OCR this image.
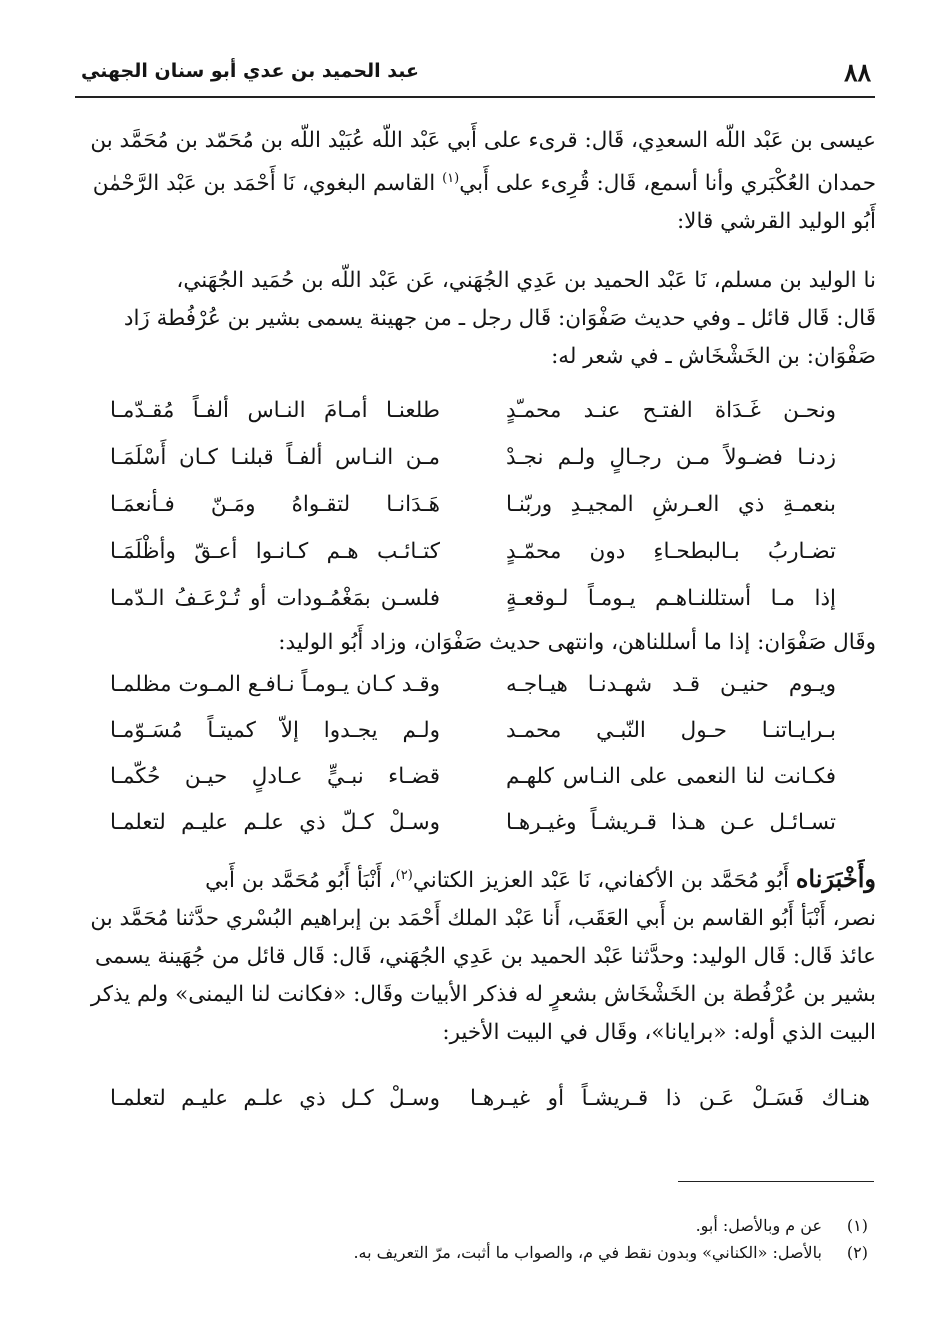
٨٨
عبد الحميد بن عدي أبو سنان الجهني
عيسى بن عَبْد اللّه السعدِي، قَال: قرىء على أَبي عَبْد اللّه عُبَيْد اللّه بن مُحَمّد بن مُحَمَّد بن
حمدان العُكْبَري وأنا أسمع، قَال: قُرِىء على أَبي$^{(١)}$ القاسم البغوي، نَا أَحْمَد بن عَبْد الرَّحْمٰن
أَبُو الوليد القرشي قالا:
نا الوليد بن مسلم، نَا عَبْد الحميد بن عَدِي الجُهَني، عَن عَبْد اللّه بن حُمَيد الجُهَني،
قَال: قَال قائل ـ وفي حديث صَفْوَان: قَال رجل ـ من جهينة يسمى بشير بن عُرْفُطة زَاد
صَفْوَان: بن الخَشْخَاش ـ في شعر له:
ونحـن غَـدَاة الفتـح عنـد محمـّدٍ
طلعنـا أمـامَ النـاس ألفـاً مُقـدّمـا
زدنـا فضـولاً مـن رجـالٍ ولـم نجـدْ
مـن النـاس ألفـاً قبلنـا كـان أَسْلَمَـا
بنعمـةِ ذي العـرشِ المجيـدِ وربّنـا
هَـدَانـا لتقـواهُ ومَـنّ فـأنعمَـا
تضـاربُ بـالبطحـاءِ دون محمّـدٍ
كتـائـب هـم كـانـوا أعـقّ وأظْلَمَـا
إذا مـا أستللنـاهـم يـومـاً لـوقعـةٍ
فلسـن بمَغْمُـودات أو تُـرْعَـفُ الـدّمـا
وقَال صَفْوَان: إذا ما أسللناهن، وانتهى حديث صَفْوَان، وزاد أَبُو الوليد:
ويـوم حنيـن قـد شهـدنـا هيـاجـه
وقـد كـان يـومـاً نـافـع المـوت مظلمـا
بـرايـاتنـا حـول النّبـي محمـد
ولـم يجـدوا إلاّ كميتـاً مُسَـوّمـا
فكـانت لنا النعمى على النـاس كلهـم
قضـاء نبـيٍّ عـادلٍ حيـن حُكّمـا
تسـائـل عـن هـذا قـريشـاً وغيـرهـا
وسـلْ كـلّ ذي علـم عليـم لتعلمـا
وأَخْبَرَناه أَبُو مُحَمَّد بن الأكفاني، نَا عَبْد العزيز الكتاني$^{(٢)}$، أَنْبَأ أَبُو مُحَمَّد بن أَبي
نصر، أَنْبَأ أَبُو القاسم بن أَبي العَقَب، أَنا عَبْد الملك أَحْمَد بن إبراهيم البُسْري حدَّثنا مُحَمَّد بن
عائذ قَال: قَال الوليد: وحدَّثنا عَبْد الحميد بن عَدِي الجُهَني، قَال: قَال قائل من جُهَينة يسمى
بشير بن عُرْفُطة بن الخَشْخَاش بشعرٍ له فذكر الأبيات وقَال: «فكانت لنا اليمنى» ولم يذكر
البيت الذي أوله: «برايانا»، وقَال في البيت الأخير:
هنـاك فَسَـلْ عَـن ذا قـريشـاً أو غيـرهـا
وسـلْ كـل ذي علـم عليـم لتعلمـا
(١)
عن م وبالأصل: أبو.
(٢)
بالأصل: «الكناني» وبدون نقط في م، والصواب ما أثبت، مرّ التعريف به.
